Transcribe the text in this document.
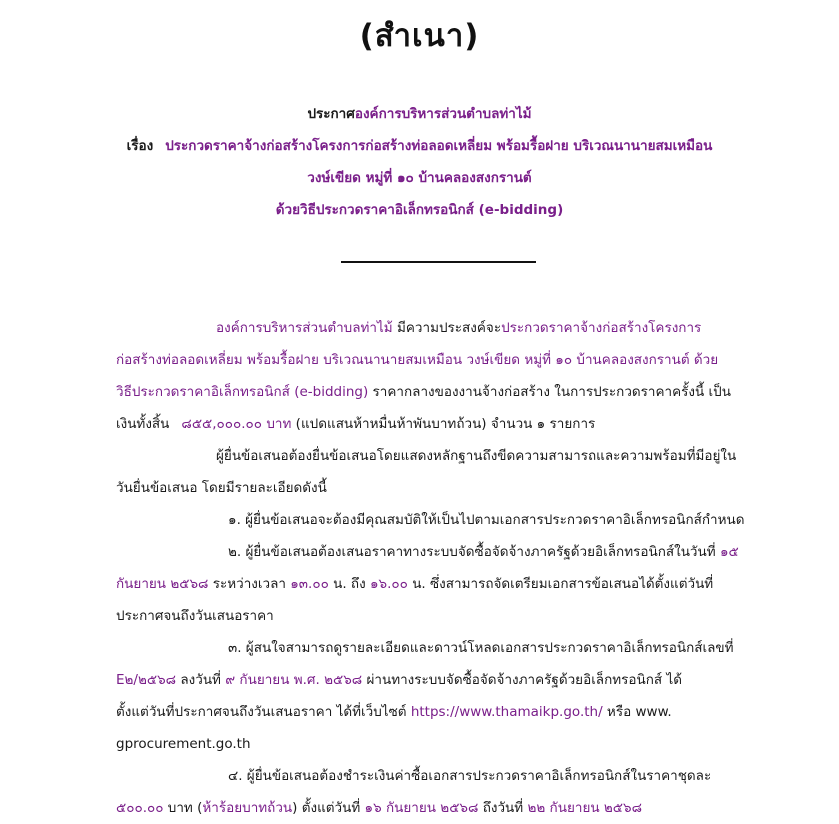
(สำเนา)
ประกาศองค์การบริหารส่วนตำบลท่าไม้
เรื่อง ประกวดราคาจ้างก่อสร้างโครงการก่อสร้างท่อลอดเหลี่ยม พร้อมรื้อฝาย บริเวณนานายสมเหมือน
วงษ์เขียด หมู่ที่ ๑๐ บ้านคลองสงกรานต์
ด้วยวิธีประกวดราคาอิเล็กทรอนิกส์ (e-bidding)
องค์การบริหารส่วนตำบลท่าไม้ มีความประสงค์จะประกวดราคาจ้างก่อสร้างโครงการ
ก่อสร้างท่อลอดเหลี่ยม พร้อมรื้อฝาย บริเวณนานายสมเหมือน วงษ์เขียด หมู่ที่ ๑๐ บ้านคลองสงกรานต์ ด้วย
วิธีประกวดราคาอิเล็กทรอนิกส์ (e-bidding) ราคากลางของงานจ้างก่อสร้าง ในการประกวดราคาครั้งนี้ เป็น
เงินทั้งสิ้น ๘๕๕,๐๐๐.๐๐ บาท (แปดแสนห้าหมื่นห้าพันบาทถ้วน) จำนวน ๑ รายการ
ผู้ยื่นข้อเสนอต้องยื่นข้อเสนอโดยแสดงหลักฐานถึงขีดความสามารถและความพร้อมที่มีอยู่ใน
วันยื่นข้อเสนอ โดยมีรายละเอียดดังนี้
๑. ผู้ยื่นข้อเสนอจะต้องมีคุณสมบัติให้เป็นไปตามเอกสารประกวดราคาอิเล็กทรอนิกส์กำหนด
๒. ผู้ยื่นข้อเสนอต้องเสนอราคาทางระบบจัดซื้อจัดจ้างภาครัฐด้วยอิเล็กทรอนิกส์ในวันที่ ๑๕
กันยายน ๒๕๖๘ ระหว่างเวลา ๑๓.๐๐ น. ถึง ๑๖.๐๐ น. ซึ่งสามารถจัดเตรียมเอกสารข้อเสนอได้ตั้งแต่วันที่
ประกาศจนถึงวันเสนอราคา
๓. ผู้สนใจสามารถดูรายละเอียดและดาวน์โหลดเอกสารประกวดราคาอิเล็กทรอนิกส์เลขที่
E๒/๒๕๖๘ ลงวันที่ ๙ กันยายน พ.ศ. ๒๕๖๘ ผ่านทางระบบจัดซื้อจัดจ้างภาครัฐด้วยอิเล็กทรอนิกส์ ได้
ตั้งแต่วันที่ประกาศจนถึงวันเสนอราคา ได้ที่เว็บไซต์ https://www.thamaikp.go.th/ หรือ www.
gprocurement.go.th
๔. ผู้ยื่นข้อเสนอต้องชำระเงินค่าซื้อเอกสารประกวดราคาอิเล็กทรอนิกส์ในราคาชุดละ
๕๐๐.๐๐ บาท (ห้าร้อยบาทถ้วน) ตั้งแต่วันที่ ๑๖ กันยายน ๒๕๖๘ ถึงวันที่ ๒๒ กันยายน ๒๕๖๘
